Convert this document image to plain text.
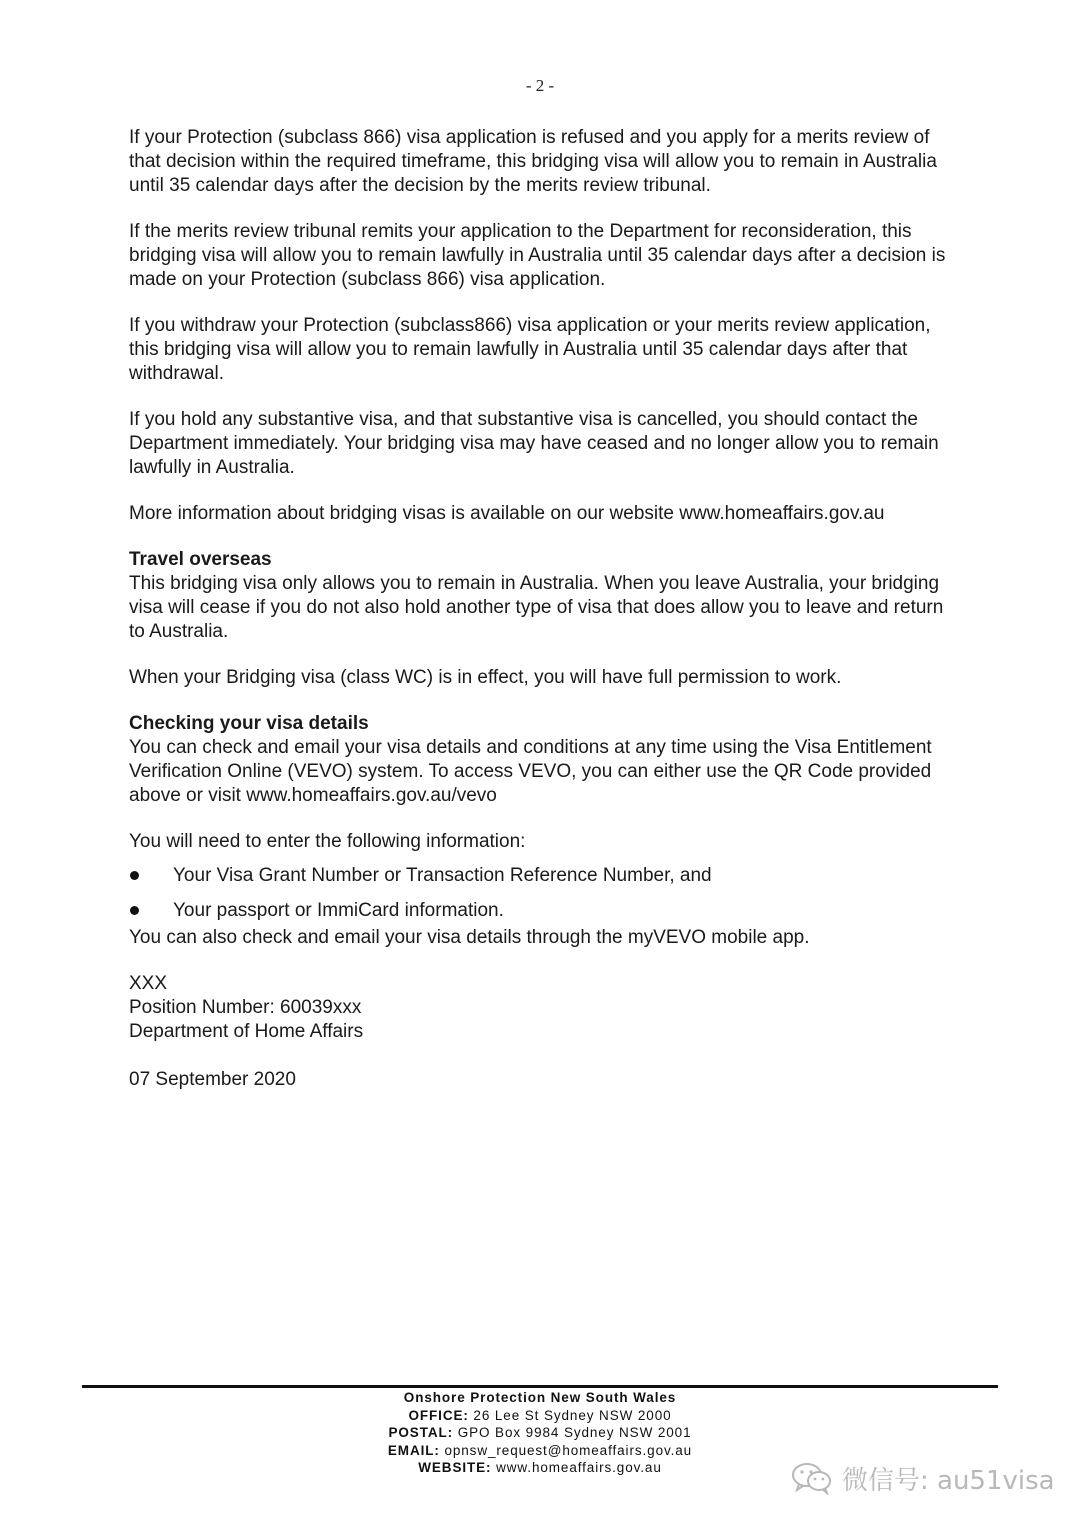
- 2 -

If your Protection (subclass 866) visa application is refused and you apply for a merits review of that decision within the required timeframe, this bridging visa will allow you to remain in Australia until 35 calendar days after the decision by the merits review tribunal.

If the merits review tribunal remits your application to the Department for reconsideration, this bridging visa will allow you to remain lawfully in Australia until 35 calendar days after a decision is made on your Protection (subclass 866) visa application.

If you withdraw your Protection (subclass866) visa application or your merits review application, this bridging visa will allow you to remain lawfully in Australia until 35 calendar days after that withdrawal.

If you hold any substantive visa, and that substantive visa is cancelled, you should contact the Department immediately. Your bridging visa may have ceased and no longer allow you to remain lawfully in Australia.

More information about bridging visas is available on our website www.homeaffairs.gov.au

Travel overseas
This bridging visa only allows you to remain in Australia. When you leave Australia, your bridging visa will cease if you do not also hold another type of visa that does allow you to leave and return to Australia.

When your Bridging visa (class WC) is in effect, you will have full permission to work.

Checking your visa details
You can check and email your visa details and conditions at any time using the Visa Entitlement Verification Online (VEVO) system. To access VEVO, you can either use the QR Code provided above or visit www.homeaffairs.gov.au/vevo

You will need to enter the following information:

Your Visa Grant Number or Transaction Reference Number, and
Your passport or ImmiCard information.

You can also check and email your visa details through the myVEVO mobile app.

XXX
Position Number: 60039xxx
Department of Home Affairs

07 September 2020

Onshore Protection New South Wales
OFFICE: 26 Lee St Sydney NSW 2000
POSTAL: GPO Box 9984 Sydney NSW 2001
EMAIL: opnsw_request@homeaffairs.gov.au
WEBSITE: www.homeaffairs.gov.au	微信号: au51visa
